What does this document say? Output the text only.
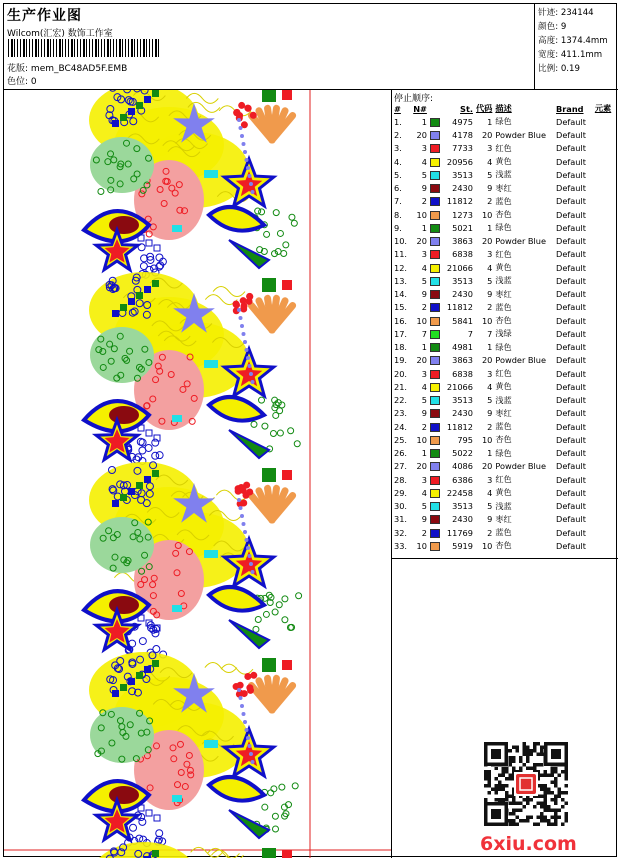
生产作业图
Wilcom(汇宏) 数饰工作室
花版: mem_BC48AD5F.EMB
色位: 0
针迹: 234144
颜色: 9
高度: 1374.4mm
宽度: 411.1mm
比例: 0.19
停止顺序:
#	N#		St.	代码	描述	Brand	元素
1.	1		4975	1	绿色	Default	
2.	20		4178	20	Powder Blue	Default	
3.	3		7733	3	红色	Default	
4.	4		20956	4	黄色	Default	
5.	5		3513	5	浅蓝	Default	
6.	9		2430	9	枣红	Default	
7.	2		11812	2	蓝色	Default	
8.	10		1273	10	杏色	Default	
9.	1		5021	1	绿色	Default	
10.	20		3863	20	Powder Blue	Default	
11.	3		6838	3	红色	Default	
12.	4		21066	4	黄色	Default	
13.	5		3513	5	浅蓝	Default	
14.	9		2430	9	枣红	Default	
15.	2		11812	2	蓝色	Default	
16.	10		5841	10	杏色	Default	
17.	7		7	7	浅绿	Default	
18.	1		4981	1	绿色	Default	
19.	20		3863	20	Powder Blue	Default	
20.	3		6838	3	红色	Default	
21.	4		21066	4	黄色	Default	
22.	5		3513	5	浅蓝	Default	
23.	9		2430	9	枣红	Default	
24.	2		11812	2	蓝色	Default	
25.	10		795	10	杏色	Default	
26.	1		5022	1	绿色	Default	
27.	20		4086	20	Powder Blue	Default	
28.	3		6386	3	红色	Default	
29.	4		22458	4	黄色	Default	
30.	5		3513	5	浅蓝	Default	
31.	9		2430	9	枣红	Default	
32.	2		11769	2	蓝色	Default	
33.	10		5919	10	杏色	Default	
6xiu.com
